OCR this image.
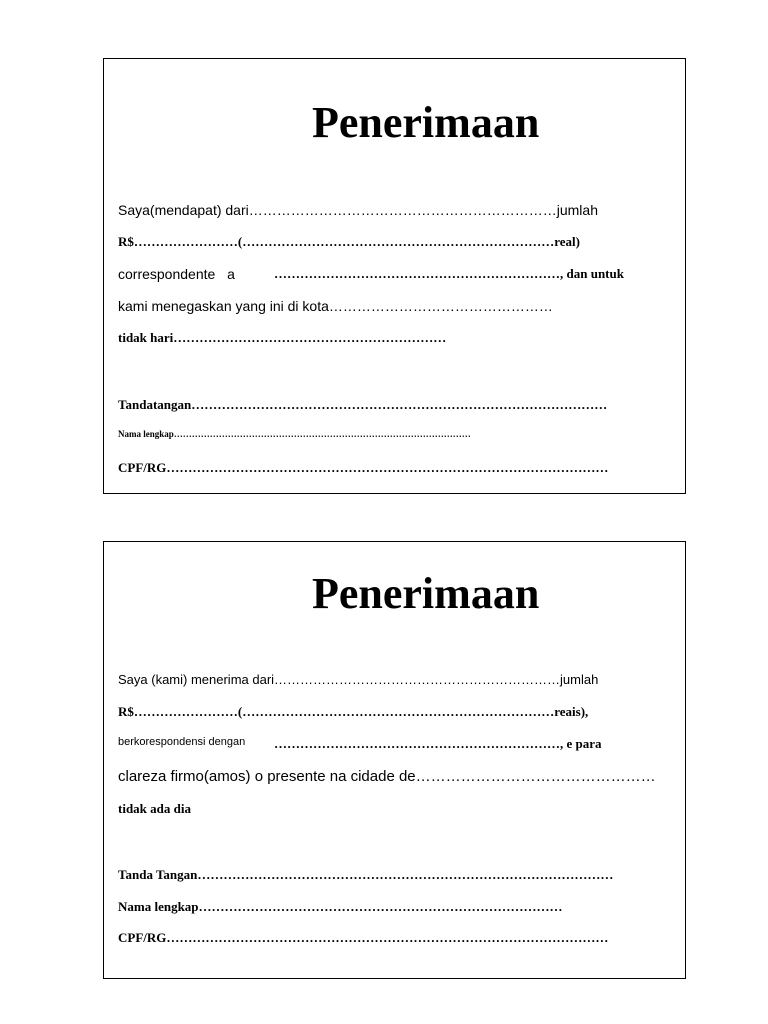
Penerimaan
Saya(mendapat) dari…………………………………………………………jumlah
R$……………………(………………………………………………………………real)
correspondente a	…………………………………………………………, dan untuk
kami menegaskan yang ini di kota…………………………………………
tidak hari………………………………………………………
Tandatangan……………………………………………………………………………………
Nama lengkap………………………………………………………………………………………
CPF/RG…………………………………………………………………………………………
Penerimaan
Saya (kami) menerima dari…………………………………………………………jumlah
R$……………………(………………………………………………………………reais),
berkorespondensi dengan …………………………………………………………, e para
clareza firmo(amos) o presente na cidade de…………………………………………
tidak ada dia
Tanda Tangan……………………………………………………………………………………
Nama lengkap…………………………………………………………………………
CPF/RG…………………………………………………………………………………………
